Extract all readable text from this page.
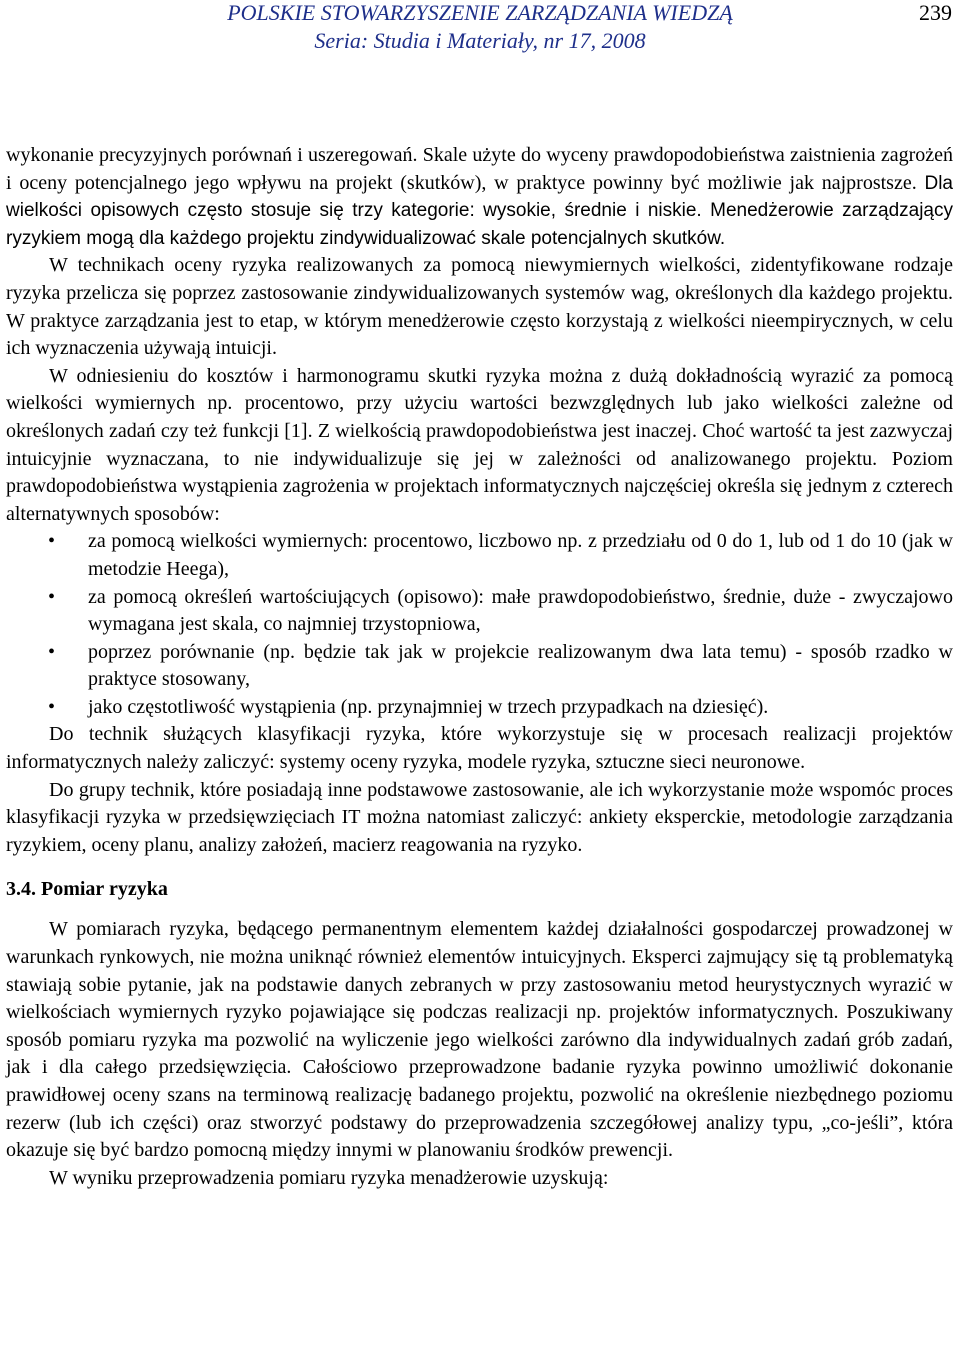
POLSKIE STOWARZYSZENIE ZARZĄDZANIA WIEDZĄ
Seria: Studia i Materiały, nr 17, 2008
239

wykonanie precyzyjnych porównań i uszeregowań. Skale użyte do wyceny prawdopodobieństwa zaistnienia zagrożeń i oceny potencjalnego jego wpływu na projekt (skutków), w praktyce powinny być możliwie jak najprostsze. Dla wielkości opisowych często stosuje się trzy kategorie: wysokie, średnie i niskie. Menedżerowie zarządzający ryzykiem mogą dla każdego projektu zindywidualizować skale potencjalnych skutków.

W technikach oceny ryzyka realizowanych za pomocą niewymiernych wielkości, zidentyfikowane rodzaje ryzyka przelicza się poprzez zastosowanie zindywidualizowanych systemów wag, określonych dla każdego projektu. W praktyce zarządzania jest to etap, w którym menedżerowie często korzystają z wielkości nieempirycznych, w celu ich wyznaczenia używają intuicji.

W odniesieniu do kosztów i harmonogramu skutki ryzyka można z dużą dokładnością wyrazić za pomocą wielkości wymiernych np. procentowo, przy użyciu wartości bezwzględnych lub jako wielkości zależne od określonych zadań czy też funkcji [1]. Z wielkością prawdopodobieństwa jest inaczej. Choć wartość ta jest zazwyczaj intuicyjnie wyznaczana, to nie indywidualizuje się jej w zależności od analizowanego projektu. Poziom prawdopodobieństwa wystąpienia zagrożenia w projektach informatycznych najczęściej określa się jednym z czterech alternatywnych sposobów:

• za pomocą wielkości wymiernych: procentowo, liczbowo np. z przedziału od 0 do 1, lub od 1 do 10 (jak w metodzie Heega),
• za pomocą określeń wartościujących (opisowo): małe prawdopodobieństwo, średnie, duże - zwyczajowo wymagana jest skala, co najmniej trzystopniowa,
• poprzez porównanie (np. będzie tak jak w projekcie realizowanym dwa lata temu) - sposób rzadko w praktyce stosowany,
• jako częstotliwość wystąpienia (np. przynajmniej w trzech przypadkach na dziesięć).

Do technik służących klasyfikacji ryzyka, które wykorzystuje się w procesach realizacji projektów informatycznych należy zaliczyć: systemy oceny ryzyka, modele ryzyka, sztuczne sieci neuronowe.

Do grupy technik, które posiadają inne podstawowe zastosowanie, ale ich wykorzystanie może wspomóc proces klasyfikacji ryzyka w przedsięwzięciach IT można natomiast zaliczyć: ankiety eksperckie, metodologie zarządzania ryzykiem, oceny planu, analizy założeń, macierz reagowania na ryzyko.

3.4. Pomiar ryzyka

W pomiarach ryzyka, będącego permanentnym elementem każdej działalności gospodarczej prowadzonej w warunkach rynkowych, nie można uniknąć również elementów intuicyjnych. Eksperci zajmujący się tą problematyką stawiają sobie pytanie, jak na podstawie danych zebranych w przy zastosowaniu metod heurystycznych wyrazić w wielkościach wymiernych ryzyko pojawiające się podczas realizacji np. projektów informatycznych. Poszukiwany sposób pomiaru ryzyka ma pozwolić na wyliczenie jego wielkości zarówno dla indywidualnych zadań grób zadań, jak i dla całego przedsięwzięcia. Całościowo przeprowadzone badanie ryzyka powinno umożliwić dokonanie prawidłowej oceny szans na terminową realizację badanego projektu, pozwolić na określenie niezbędnego poziomu rezerw (lub ich części) oraz stworzyć podstawy do przeprowadzenia szczegółowej analizy typu, „co-jeśli”, która okazuje się być bardzo pomocną między innymi w planowaniu środków prewencji.

W wyniku przeprowadzenia pomiaru ryzyka menadżerowie uzyskują:
